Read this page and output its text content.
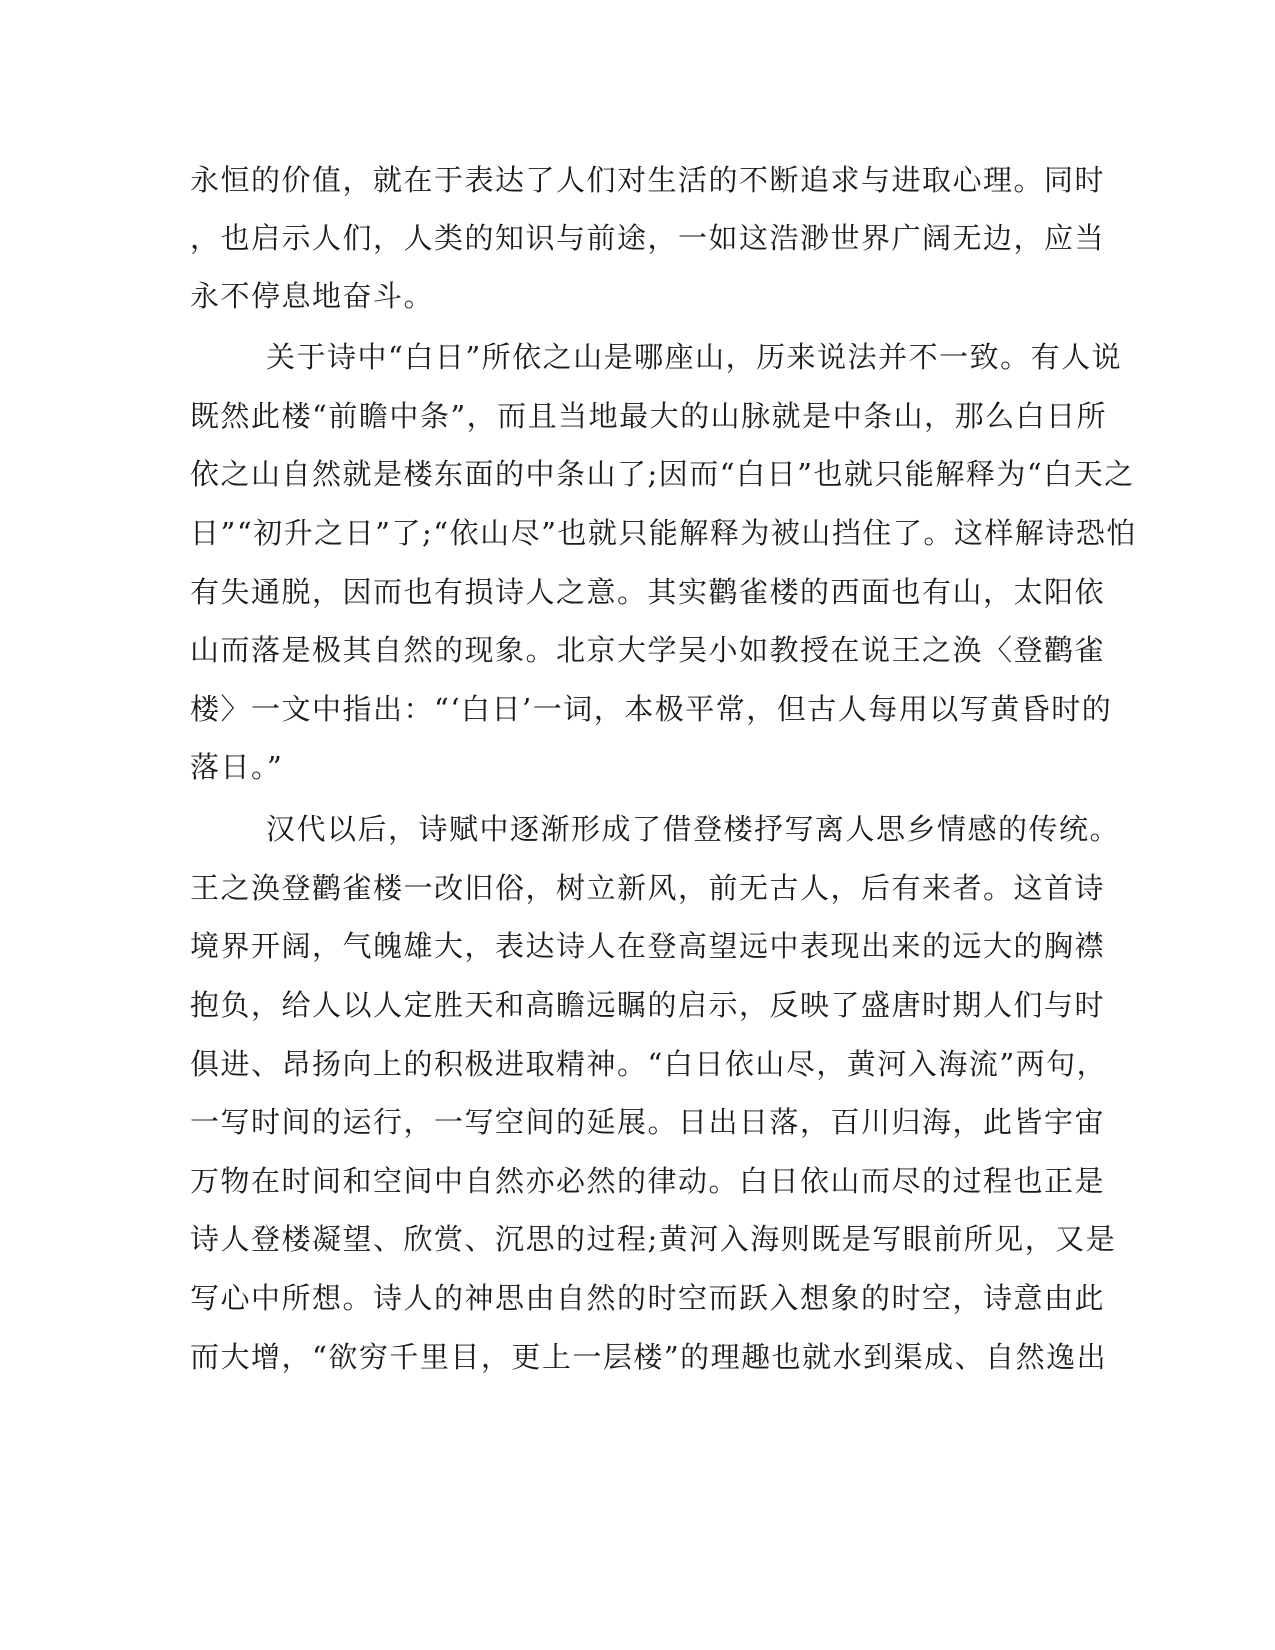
永恒的价值，就在于表达了人们对生活的不断追求与进取心理。同时
，也启示人们，人类的知识与前途，一如这浩渺世界广阔无边，应当
永不停息地奋斗。
关于诗中“白日”所依之山是哪座山，历来说法并不一致。有人说
既然此楼“前瞻中条”，而且当地最大的山脉就是中条山，那么白日所
依之山自然就是楼东面的中条山了;因而“白日”也就只能解释为“白天之
日”“初升之日”了;“依山尽”也就只能解释为被山挡住了。这样解诗恐怕
有失通脱，因而也有损诗人之意。其实鹳雀楼的西面也有山，太阳依
山而落是极其自然的现象。北京大学吴小如教授在说王之涣〈登鹳雀
楼〉一文中指出：“‘白日’一词，本极平常，但古人每用以写黄昏时的
落日。”
汉代以后，诗赋中逐渐形成了借登楼抒写离人思乡情感的传统。
王之涣登鹳雀楼一改旧俗，树立新风，前无古人，后有来者。这首诗
境界开阔，气魄雄大，表达诗人在登高望远中表现出来的远大的胸襟
抱负，给人以人定胜天和高瞻远瞩的启示，反映了盛唐时期人们与时
俱进、昂扬向上的积极进取精神。“白日依山尽，黄河入海流”两句，
一写时间的运行，一写空间的延展。日出日落，百川归海，此皆宇宙
万物在时间和空间中自然亦必然的律动。白日依山而尽的过程也正是
诗人登楼凝望、欣赏、沉思的过程;黄河入海则既是写眼前所见，又是
写心中所想。诗人的神思由自然的时空而跃入想象的时空，诗意由此
而大增，“欲穷千里目，更上一层楼”的理趣也就水到渠成、自然逸出
